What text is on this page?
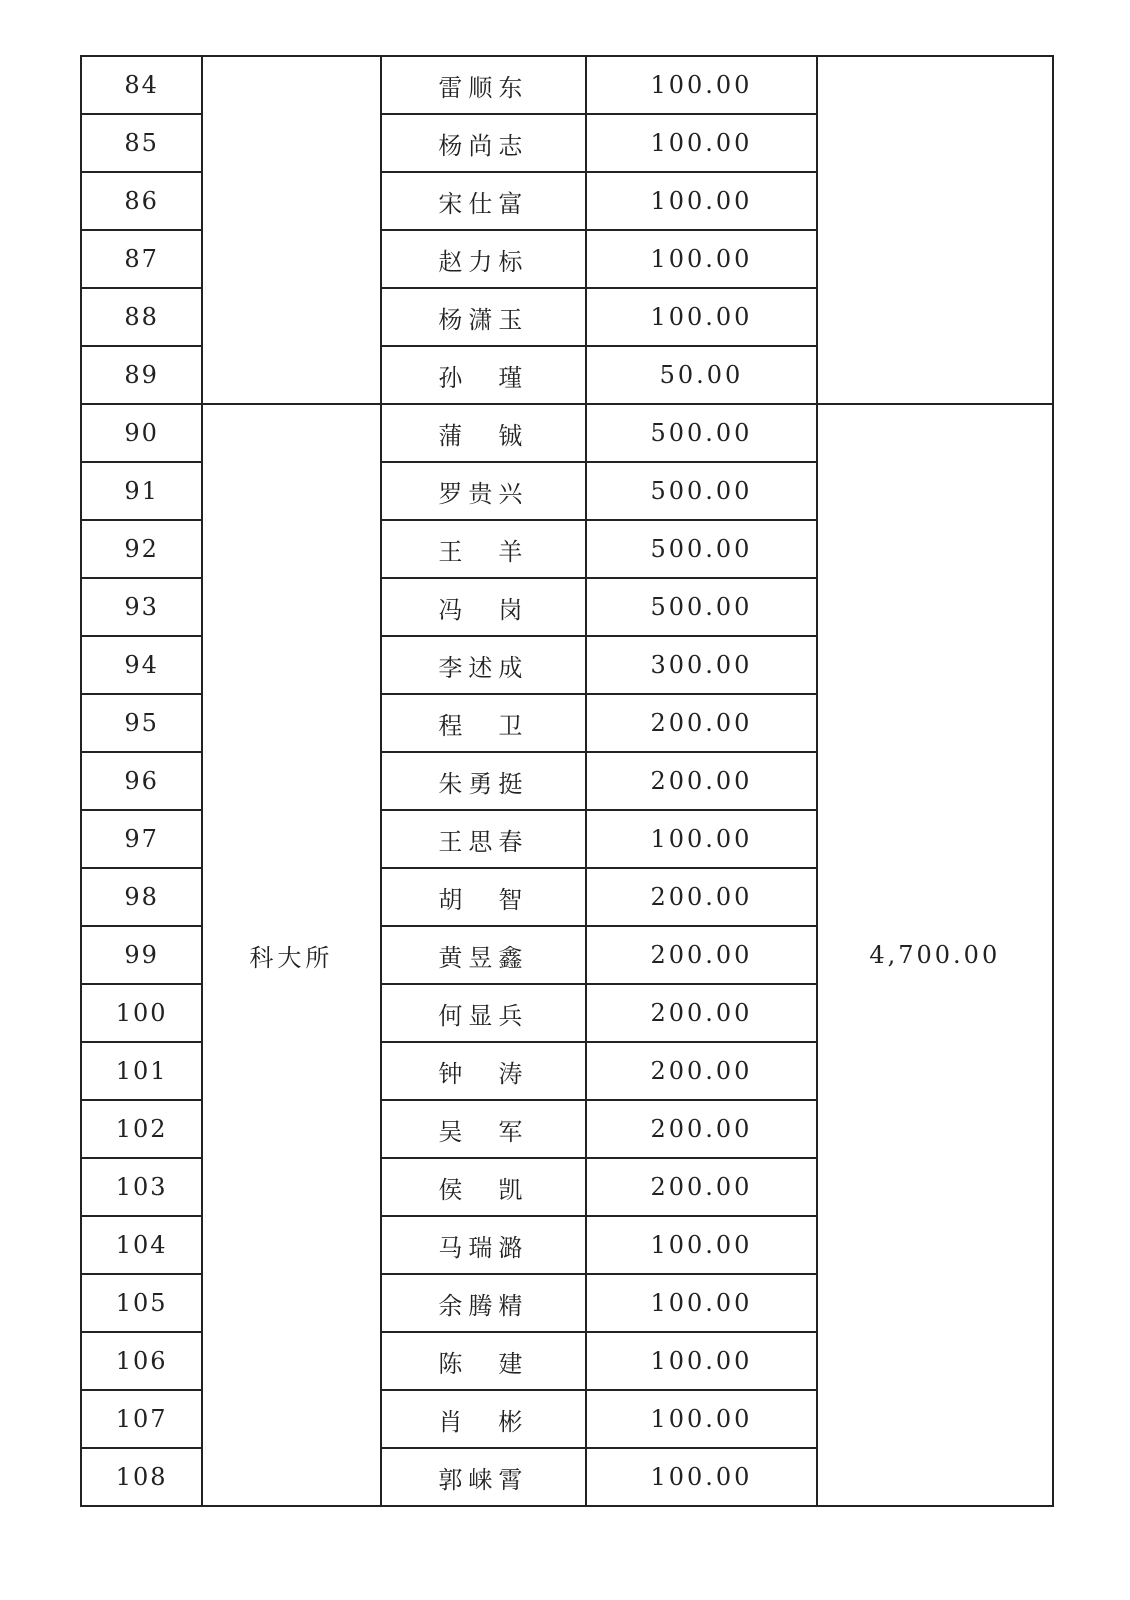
84		雷顺东	100.00	
85		杨尚志	100.00	
86		宋仕富	100.00	
87		赵力标	100.00	
88		杨潇玉	100.00	
89		孙　瑾	50.00	
90	科大所	蒲　铖	500.00	4,700.00
91		罗贵兴	500.00	
92		王　羊	500.00	
93		冯　岗	500.00	
94		李述成	300.00	
95		程　卫	200.00	
96		朱勇挺	200.00	
97		王思春	100.00	
98		胡　智	200.00	
99		黄昱鑫	200.00	
100		何显兵	200.00	
101		钟　涛	200.00	
102		吴　军	200.00	
103		侯　凯	200.00	
104		马瑞潞	100.00	
105		余腾精	100.00	
106		陈　建	100.00	
107		肖　彬	100.00	
108		郭崃霄	100.00	
